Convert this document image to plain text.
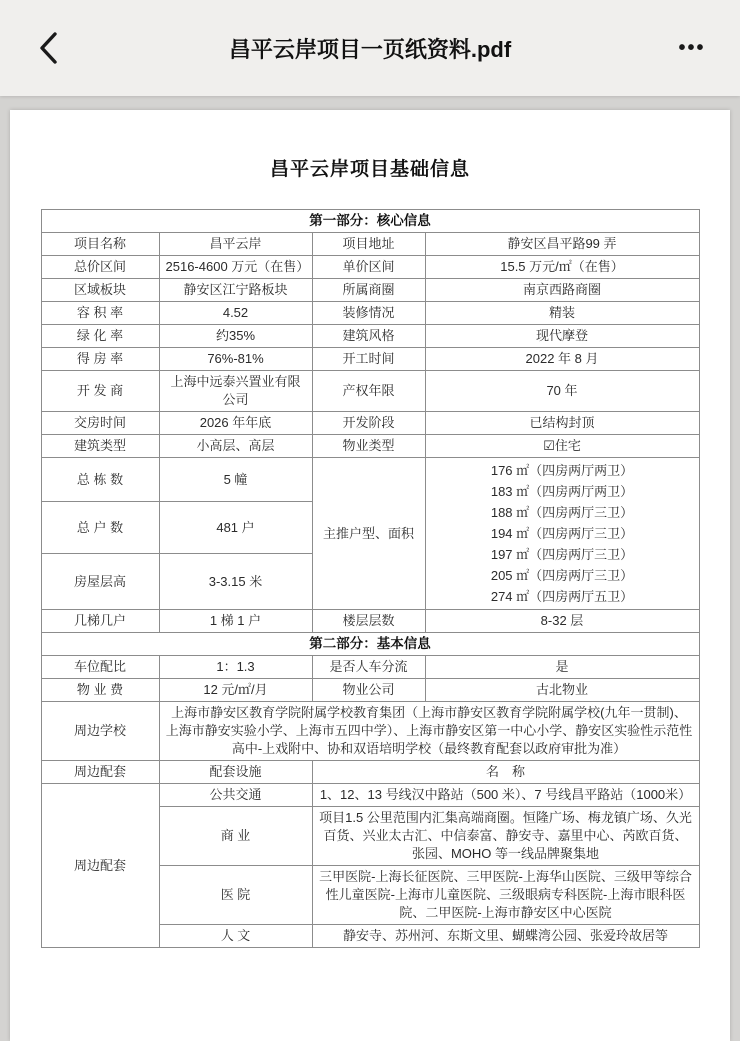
昌平云岸项目一页纸资料.pdf	•••
昌平云岸项目基础信息
第一部分：核心信息			
项目名称	昌平云岸	项目地址	静安区昌平路99 弄
总价区间	2516-4600 万元（在售）	单价区间	15.5 万元/㎡（在售）
区域板块	静安区江宁路板块	所属商圈	南京西路商圈
容 积 率	4.52	装修情况	精装
绿 化 率	约35%	建筑风格	现代摩登
得 房 率	76%-81%	开工时间	2022 年 8 月
开 发 商	上海中远泰兴置业有限公司	产权年限	70 年
交房时间	2026 年年底	开发阶段	已结构封顶
建筑类型	小高层、高层	物业类型	☑住宅
总 栋 数	5 幢	主推户型、面积	
176 ㎡（四房两厅两卫）
183 ㎡（四房两厅两卫）
188 ㎡（四房两厅三卫）
194 ㎡（四房两厅三卫）
197 ㎡（四房两厅三卫）
205 ㎡（四房两厅三卫）
274 ㎡（四房两厅五卫）

总 户 数	481 户		
房屋层高	3-3.15 米		
几梯几户	1 梯 1 户	楼层层数	8-32 层
第二部分：基本信息			
车位配比	1：1.3	是否人车分流	是
物 业 费	12 元/㎡/月	物业公司	古北物业
周边学校	上海市静安区教育学院附属学校教育集团（上海市静安区教育学院附属学校(九年一贯制)、上海市静安实验小学、上海市五四中学）、上海市静安区第一中心小学、静安区实验性示范性高中-上戏附中、协和双语培明学校（最终教育配套以政府审批为准）		
周边配套	配套设施	名　称	
周边配套	公共交通	1、12、13 号线汉中路站（500 米）、7 号线昌平路站（1000米）	
	商 业	项目1.5 公里范围内汇集高端商圈。恒隆广场、梅龙镇广场、久光百货、兴业太古汇、中信泰富、静安寺、嘉里中心、芮欧百货、张园、MOHO 等一线品牌聚集地	
	医 院	三甲医院-上海长征医院、三甲医院-上海华山医院、三级甲等综合性儿童医院-上海市儿童医院、三级眼病专科医院-上海市眼科医院、二甲医院-上海市静安区中心医院	
	人 文	静安寺、苏州河、东斯文里、蝴蝶湾公园、张爱玲故居等	
